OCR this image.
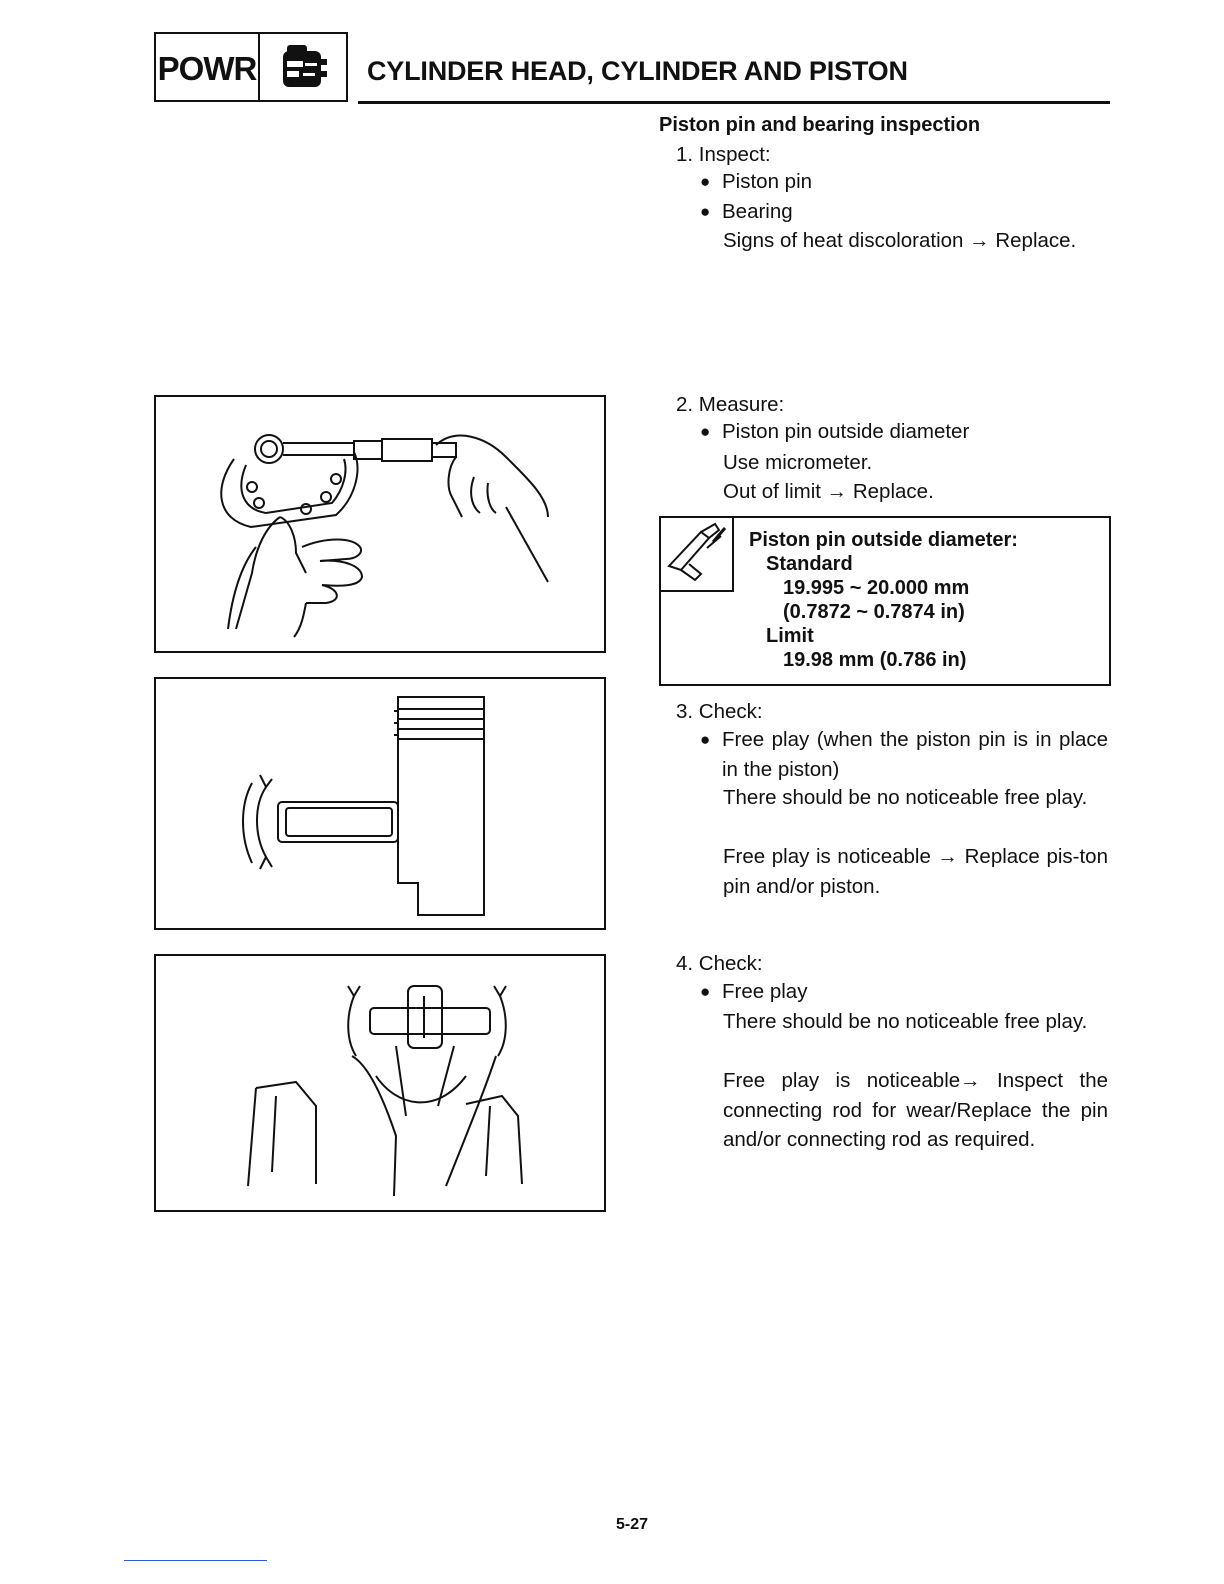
POWR	CYLINDER HEAD, CYLINDER AND PISTON
Piston pin and bearing inspection
1. Inspect:
● Piston pin
● Bearing
Signs of heat discoloration → Replace.
2. Measure:
● Piston pin outside diameter
Use micrometer.
Out of limit → Replace.
Piston pin outside diameter:
Standard
19.995 ~ 20.000 mm
(0.7872 ~ 0.7874 in)
Limit
19.98 mm (0.786 in)
3. Check:
● Free play (when the piston pin is in place in the piston)
There should be no noticeable free play.
Free play is noticeable → Replace pis-ton pin and/or piston.
4. Check:
● Free play
There should be no noticeable free play.
Free play is noticeable→ Inspect the connecting rod for wear/Replace the pin and/or connecting rod as required.
5-27
